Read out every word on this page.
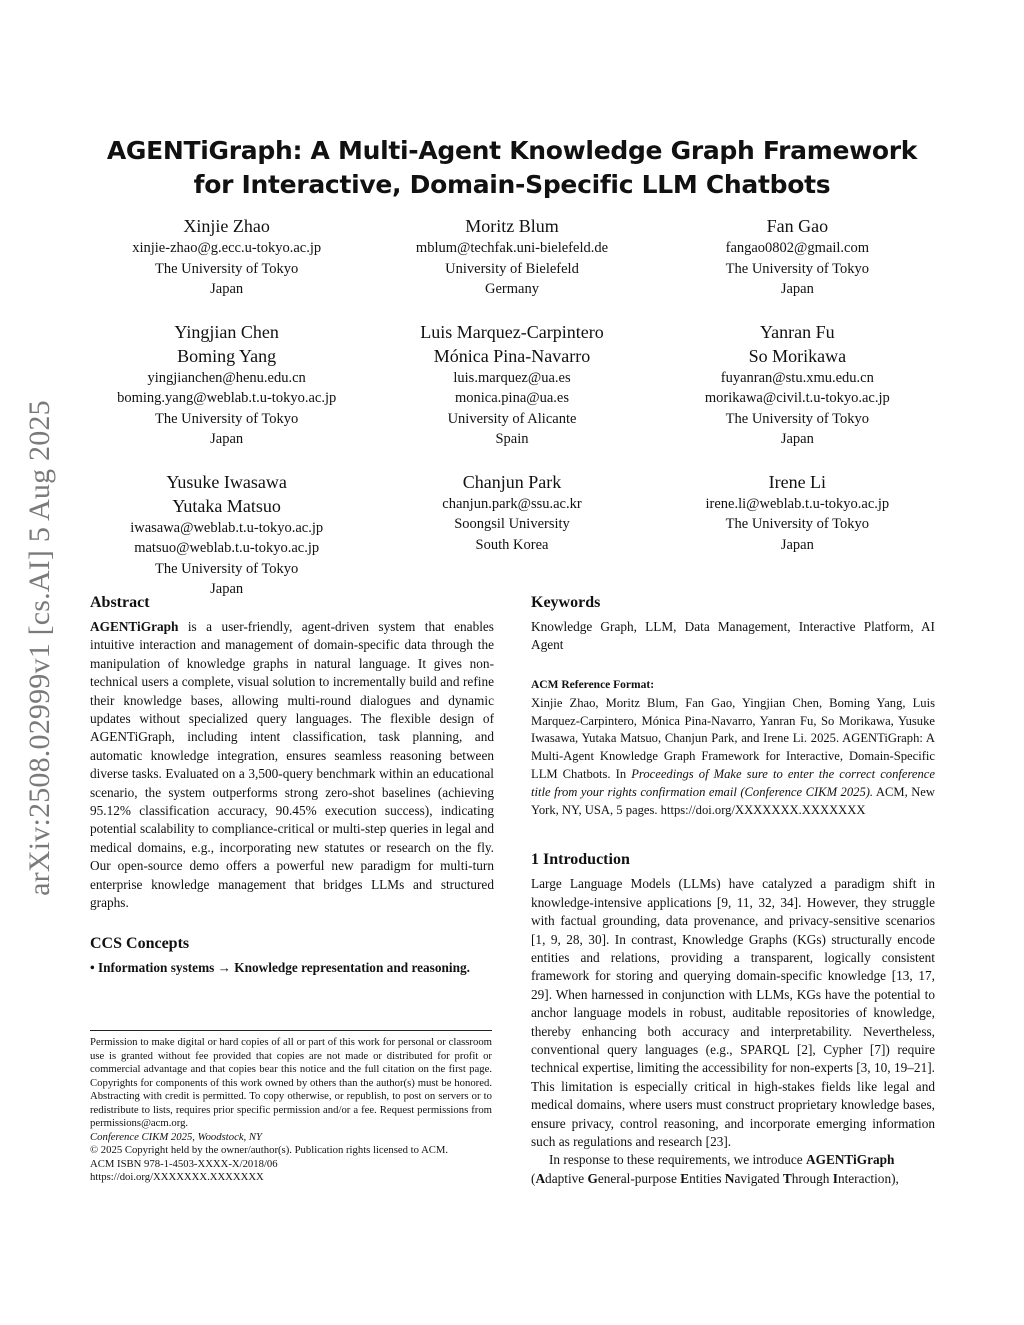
arXiv:2508.02999v1 [cs.AI] 5 Aug 2025
AGENTiGraph: A Multi-Agent Knowledge Graph Framework for Interactive, Domain-Specific LLM Chatbots
Xinjie Zhao
xinjie-zhao@g.ecc.u-tokyo.ac.jp
The University of Tokyo
Japan
Moritz Blum
mblum@techfak.uni-bielefeld.de
University of Bielefeld
Germany
Fan Gao
fangao0802@gmail.com
The University of Tokyo
Japan
Yingjian Chen
Boming Yang
yingjianchen@henu.edu.cn
boming.yang@weblab.t.u-tokyo.ac.jp
The University of Tokyo
Japan
Luis Marquez-Carpintero
Mónica Pina-Navarro
luis.marquez@ua.es
monica.pina@ua.es
University of Alicante
Spain
Yanran Fu
So Morikawa
fuyanran@stu.xmu.edu.cn
morikawa@civil.t.u-tokyo.ac.jp
The University of Tokyo
Japan
Yusuke Iwasawa
Yutaka Matsuo
iwasawa@weblab.t.u-tokyo.ac.jp
matsuo@weblab.t.u-tokyo.ac.jp
The University of Tokyo
Japan
Chanjun Park
chanjun.park@ssu.ac.kr
Soongsil University
South Korea
Irene Li
irene.li@weblab.t.u-tokyo.ac.jp
The University of Tokyo
Japan
Abstract

AGENTiGraph is a user-friendly, agent-driven system that enables intuitive interaction and management of domain-specific data through the manipulation of knowledge graphs in natural language. It gives non-technical users a complete, visual solution to incrementally build and refine their knowledge bases, allowing multi-round dialogues and dynamic updates without specialized query languages. The flexible design of AGENTiGraph, including intent classification, task planning, and automatic knowledge integration, ensures seamless reasoning between diverse tasks. Evaluated on a 3,500-query benchmark within an educational scenario, the system outperforms strong zero-shot baselines (achieving 95.12% classification accuracy, 90.45% execution success), indicating potential scalability to compliance-critical or multi-step queries in legal and medical domains, e.g., incorporating new statutes or research on the fly. Our open-source demo offers a powerful new paradigm for multi-turn enterprise knowledge management that bridges LLMs and structured graphs.

CCS Concepts

• Information systems → Knowledge representation and reasoning.

Keywords

Knowledge Graph, LLM, Data Management, Interactive Platform, AI Agent

ACM Reference Format:

Xinjie Zhao, Moritz Blum, Fan Gao, Yingjian Chen, Boming Yang, Luis Marquez-Carpintero, Mónica Pina-Navarro, Yanran Fu, So Morikawa, Yusuke Iwasawa, Yutaka Matsuo, Chanjun Park, and Irene Li. 2025. AGENTiGraph: A Multi-Agent Knowledge Graph Framework for Interactive, Domain-Specific LLM Chatbots. In Proceedings of Make sure to enter the correct conference title from your rights confirmation email (Conference CIKM 2025). ACM, New York, NY, USA, 5 pages. https://doi.org/XXXXXXX.XXXXXXX

1 Introduction

Large Language Models (LLMs) have catalyzed a paradigm shift in knowledge-intensive applications [9, 11, 32, 34]. However, they struggle with factual grounding, data provenance, and privacy-sensitive scenarios [1, 9, 28, 30]. In contrast, Knowledge Graphs (KGs) structurally encode entities and relations, providing a transparent, logically consistent framework for storing and querying domain-specific knowledge [13, 17, 29]. When harnessed in conjunction with LLMs, KGs have the potential to anchor language models in robust, auditable repositories of knowledge, thereby enhancing both accuracy and interpretability. Nevertheless, conventional query languages (e.g., SPARQL [2], Cypher [7]) require technical expertise, limiting the accessibility for non-experts [3, 10, 19–21]. This limitation is especially critical in high-stakes fields like legal and medical domains, where users must construct proprietary knowledge bases, ensure privacy, control reasoning, and incorporate emerging information such as regulations and research [23].

In response to these requirements, we introduce AGENTiGraph
(Adaptive General-purpose Entities Navigated Through Interaction),

Permission to make digital or hard copies of all or part of this work for personal or classroom use is granted without fee provided that copies are not made or distributed for profit or commercial advantage and that copies bear this notice and the full citation on the first page. Copyrights for components of this work owned by others than the author(s) must be honored. Abstracting with credit is permitted. To copy otherwise, or republish, to post on servers or to redistribute to lists, requires prior specific permission and/or a fee. Request permissions from permissions@acm.org.

Conference CIKM 2025, Woodstock, NY
© 2025 Copyright held by the owner/author(s). Publication rights licensed to ACM.
ACM ISBN 978-1-4503-XXXX-X/2018/06
https://doi.org/XXXXXXX.XXXXXXX
